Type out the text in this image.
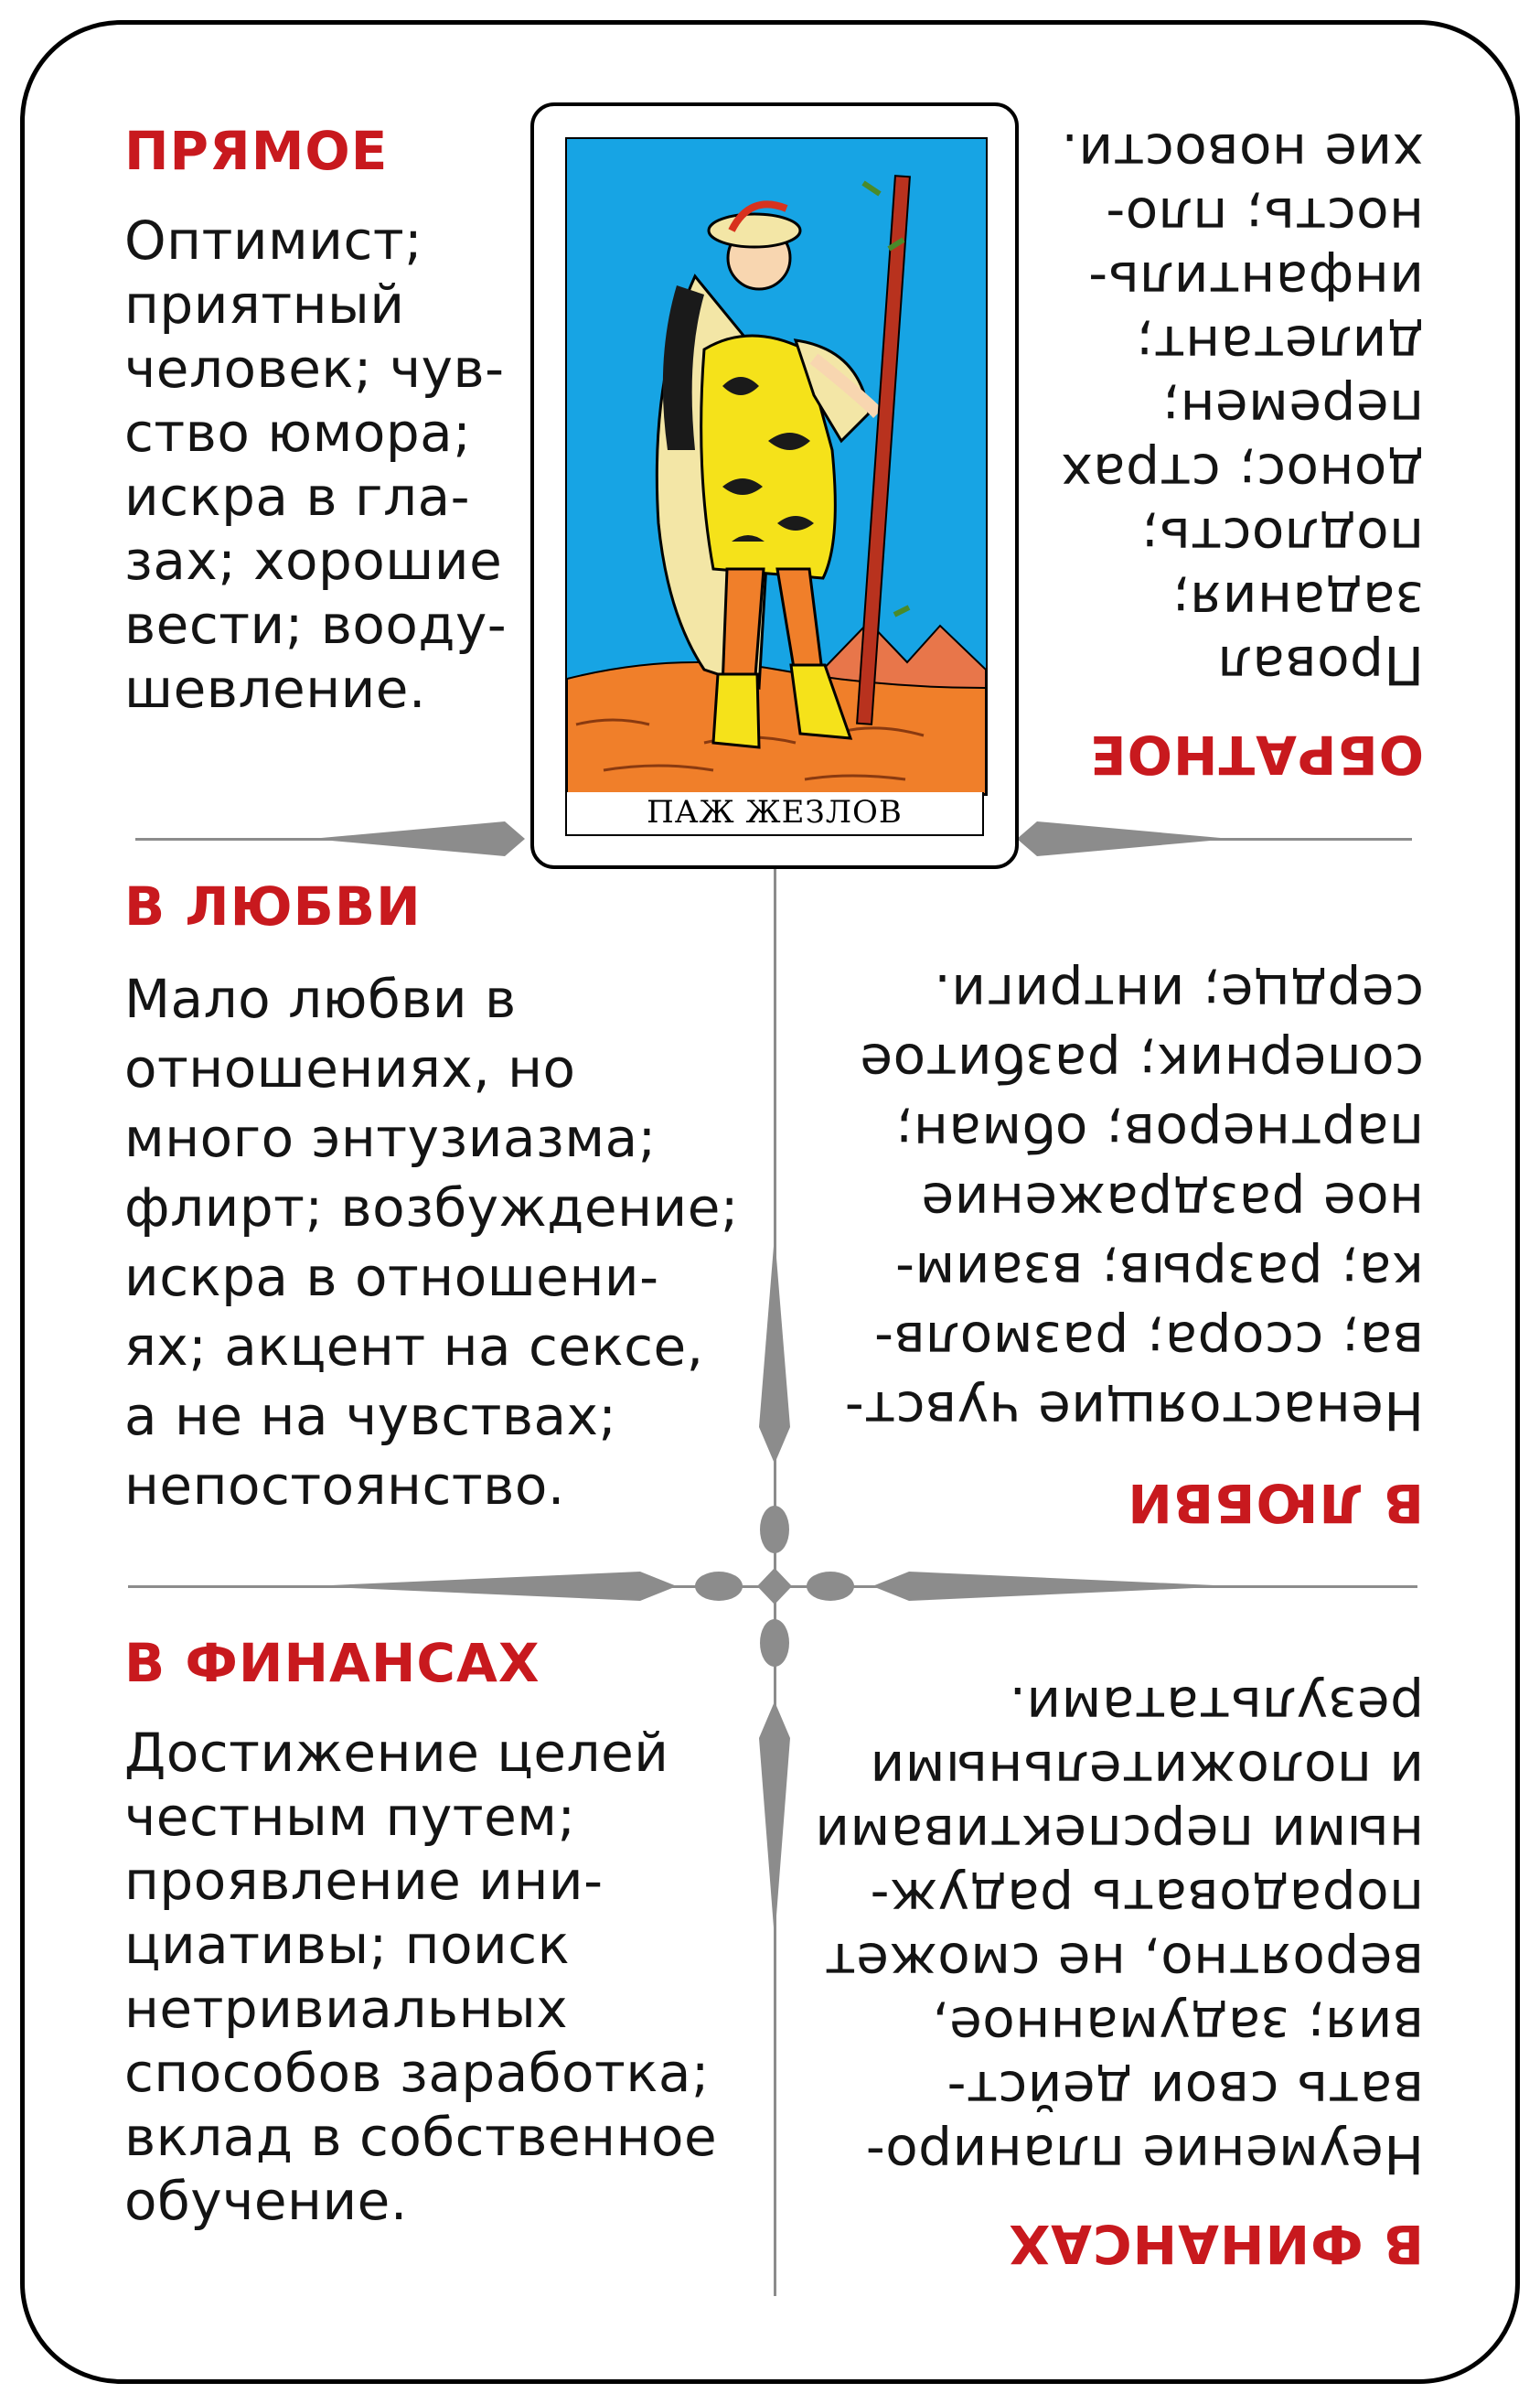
ПАЖ ЖЕЗЛОВ
ПРЯМОЕ
Оптимист;
приятный
человек; чув-
ство юмора;
искра в гла-
зах; хорошие
вести; вооду-
шевление.
ОБРАТНОЕ
Провал
задания;
подлость;
донос; страх
перемен;
дилетант;
инфантиль-
ность; пло-
хие новости.
В ЛЮБВИ
Мало любви в
отношениях, но
много энтузиазма;
флирт; возбуждение;
искра в отношени-
ях; акцент на сексе,
а не на чувствах;
непостоянство.	В ЛЮБВИ
Ненастоящие чувст-
ва; ссора; размолв-
ка; разрыв; взаим-
ное раздражение
партнеров; обман;
соперник; разбитое
сердце; интриги.
В ФИНАНСАХ
Достижение целей
честным путем;
проявление ини-
циативы; поиск
нетривиальных
способов заработка;
вклад в собственное
обучение.
В ФИНАНСАХ
Неумение планиро-
вать свои дейст-
вия; задуманное,
вероятно, не сможет
порадовать радуж-
ными перспективами
и положительными
результатами.
